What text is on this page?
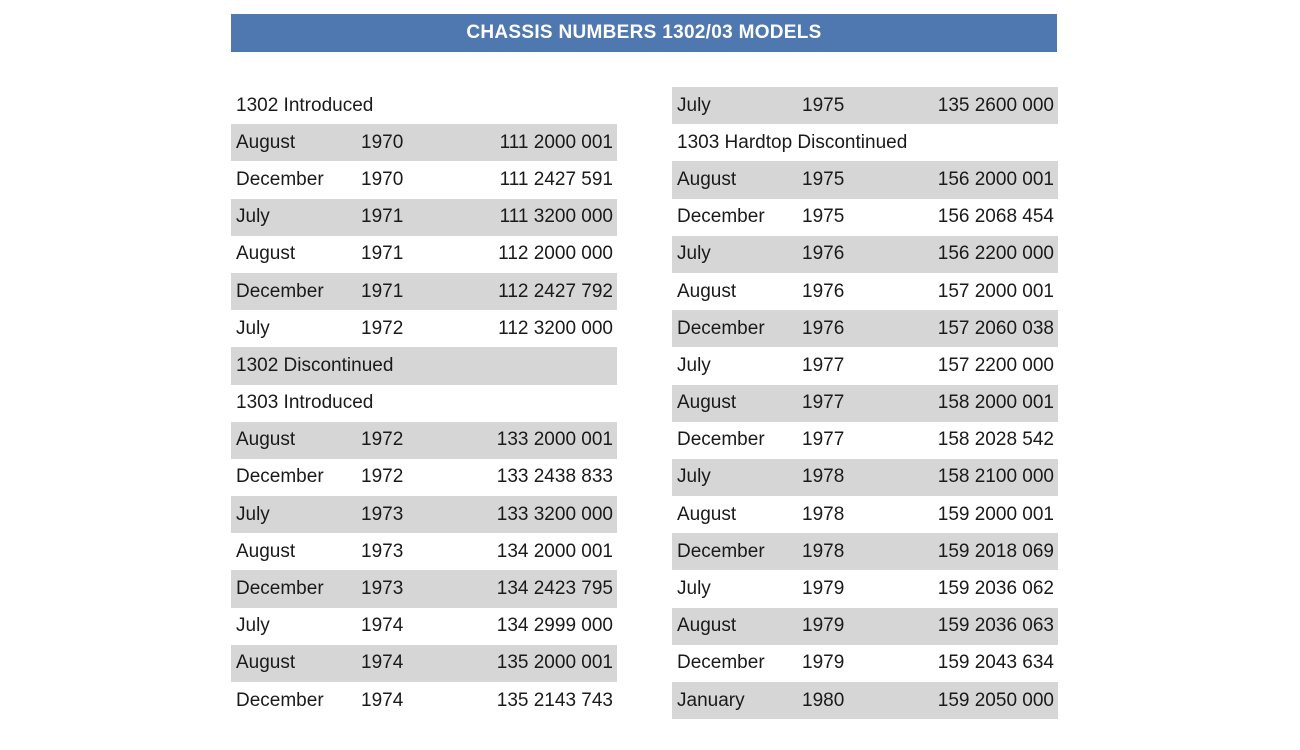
CHASSIS NUMBERS 1302/03 MODELS
1302 Introduced
August	1970	111 2000 001
December	1970	111 2427 591
July	1971	111 3200 000
August	1971	112 2000 000
December	1971	112 2427 792
July	1972	112 3200 000
1302 Discontinued
1303 Introduced
August	1972	133 2000 001
December	1972	133 2438 833
July	1973	133 3200 000
August	1973	134 2000 001
December	1973	134 2423 795
July	1974	134 2999 000
August	1974	135 2000 001
December	1974	135 2143 743
July	1975	135 2600 000
1303 Hardtop Discontinued
August	1975	156 2000 001
December	1975	156 2068 454
July	1976	156 2200 000
August	1976	157 2000 001
December	1976	157 2060 038
July	1977	157 2200 000
August	1977	158 2000 001
December	1977	158 2028 542
July	1978	158 2100 000
August	1978	159 2000 001
December	1978	159 2018 069
July	1979	159 2036 062
August	1979	159 2036 063
December	1979	159 2043 634
January	1980	159 2050 000
